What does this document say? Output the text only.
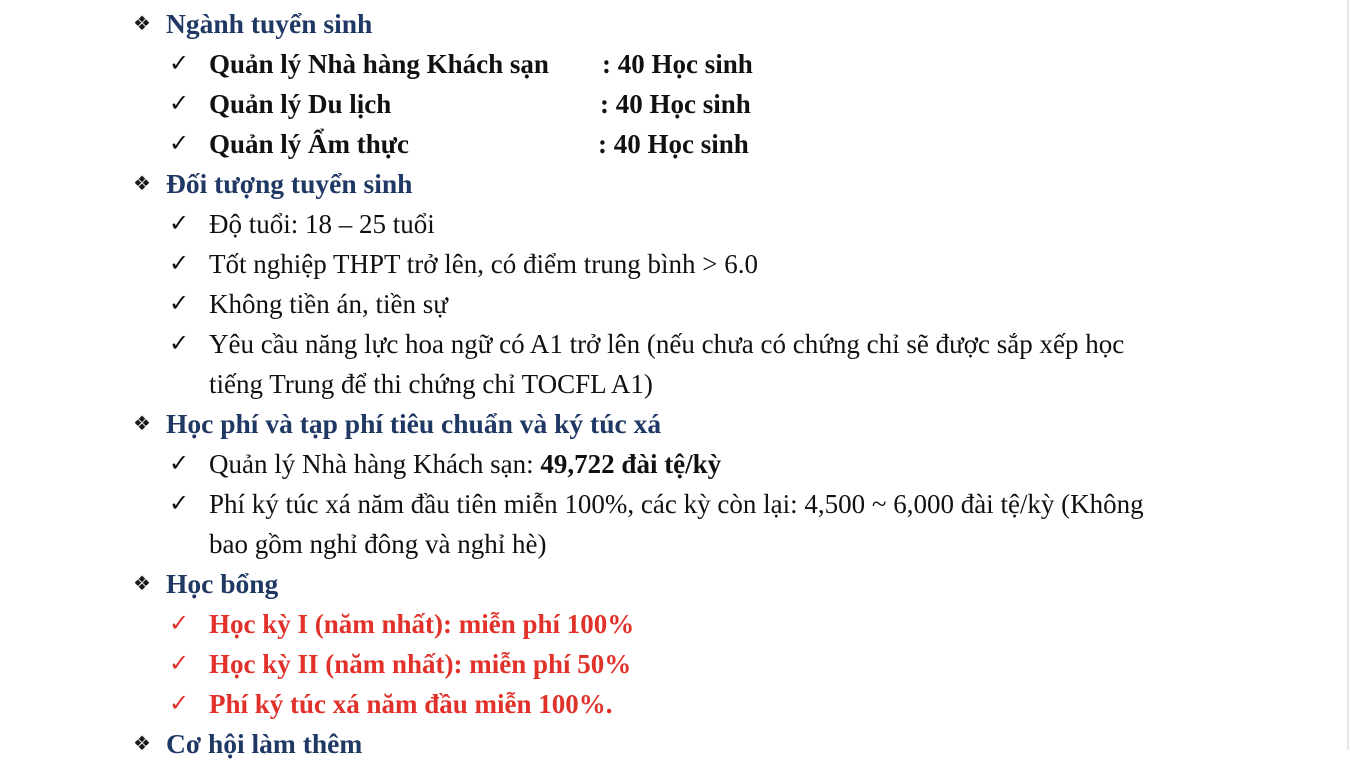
❖ Ngành tuyển sinh
✓ Quản lý Nhà hàng Khách sạn : 40 Học sinh
✓ Quản lý Du lịch	: 40 Học sinh
✓ Quản lý Ẩm thực	: 40 Học sinh
❖ Đối tượng tuyển sinh
✓ Độ tuổi: 18 – 25 tuổi
✓ Tốt nghiệp THPT trở lên, có điểm trung bình > 6.0
✓ Không tiền án, tiền sự
✓ Yêu cầu năng lực hoa ngữ có A1 trở lên (nếu chưa có chứng chỉ sẽ được sắp xếp học
tiếng Trung để thi chứng chỉ TOCFL A1)
❖ Học phí và tạp phí tiêu chuẩn và ký túc xá
✓ Quản lý Nhà hàng Khách sạn: 49,722 đài tệ/kỳ
✓ Phí ký túc xá năm đầu tiên miễn 100%, các kỳ còn lại: 4,500 ~ 6,000 đài tệ/kỳ (Không
bao gồm nghỉ đông và nghỉ hè)
❖ Học bổng
✓ Học kỳ I (năm nhất): miễn phí 100%
✓ Học kỳ II (năm nhất): miễn phí 50%
✓ Phí ký túc xá năm đầu miễn 100%.
❖ Cơ hội làm thêm
